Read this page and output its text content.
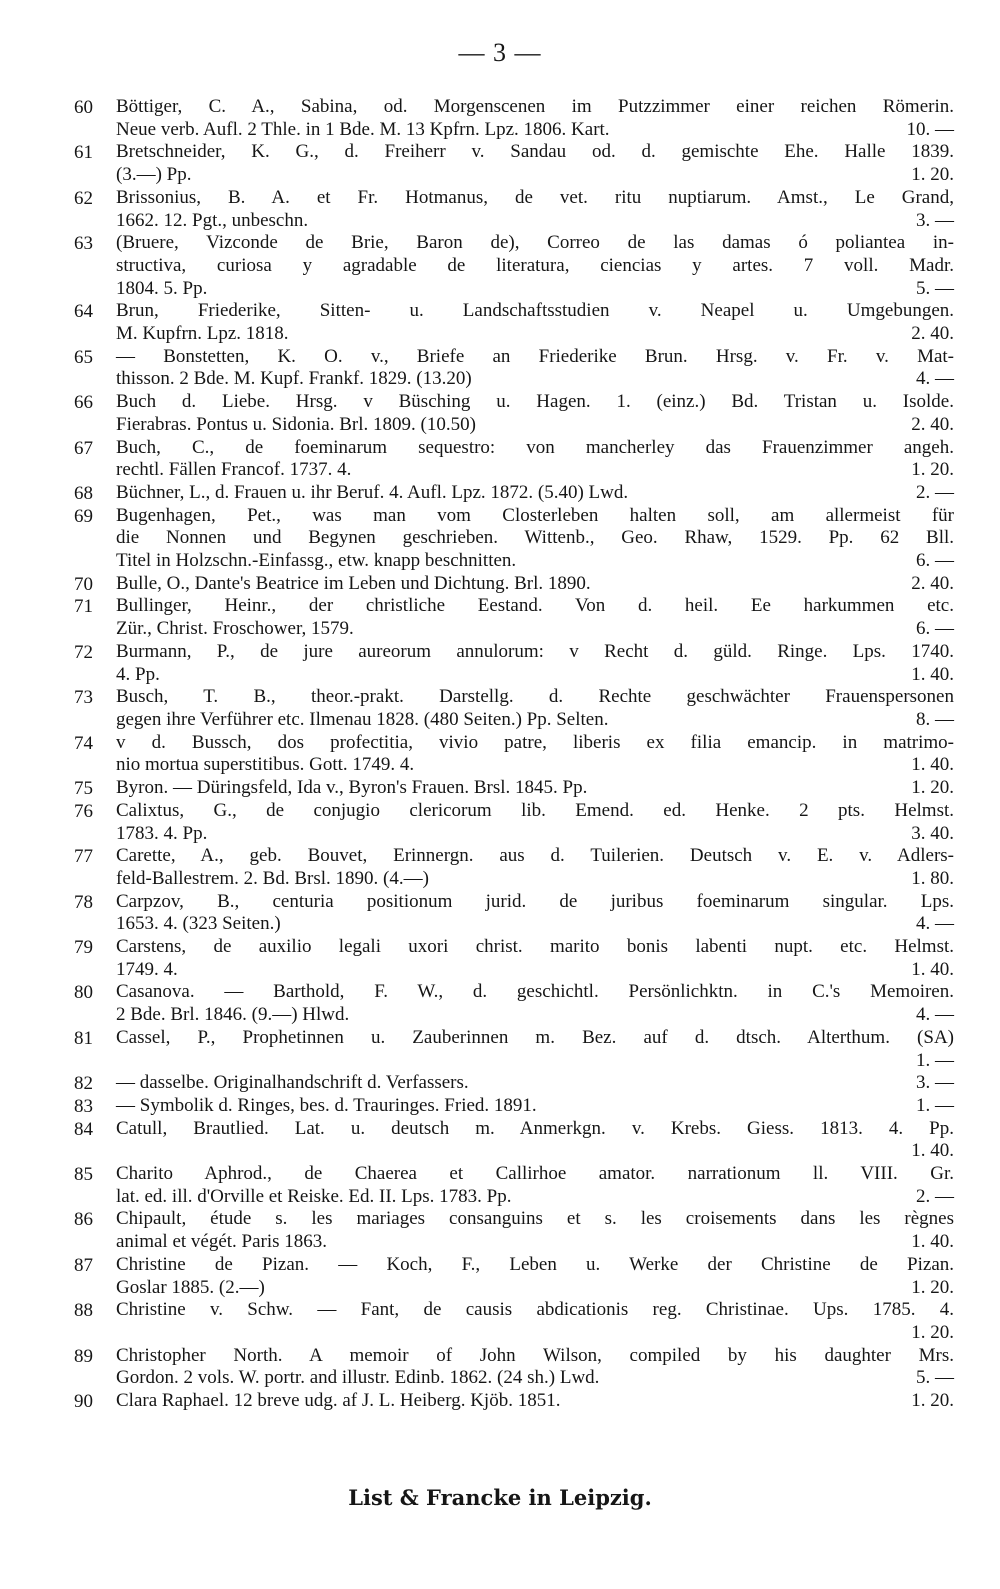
— 3 —
60	Böttiger, C. A., Sabina, od. Morgenscenen im Putzzimmer einer reichen Römerin.
Neue verb. Aufl. 2 Thle. in 1 Bde. M. 13 Kpfrn. Lpz. 1806. Kart.	10. —
61	Bretschneider, K. G., d. Freiherr v. Sandau od. d. gemischte Ehe. Halle 1839.
(3.—) Pp.	1. 20.
62	Brissonius, B. A. et Fr. Hotmanus, de vet. ritu nuptiarum. Amst., Le Grand,
1662. 12. Pgt., unbeschn.	3. —
63	(Bruere, Vizconde de Brie, Baron de), Correo de las damas ó poliantea in-
structiva, curiosa y agradable de literatura, ciencias y artes. 7 voll. Madr.
1804. 5. Pp.	5. —
64	Brun, Friederike, Sitten- u. Landschaftsstudien v. Neapel u. Umgebungen.
M. Kupfrn. Lpz. 1818.	2. 40.
65	— Bonstetten, K. O. v., Briefe an Friederike Brun. Hrsg. v. Fr. v. Mat-
thisson. 2 Bde. M. Kupf. Frankf. 1829. (13.20)	4. —
66	Buch d. Liebe. Hrsg. v Büsching u. Hagen. 1. (einz.) Bd. Tristan u. Isolde.
Fierabras. Pontus u. Sidonia. Brl. 1809. (10.50)	2. 40.
67	Buch, C., de foeminarum sequestro: von mancherley das Frauenzimmer angeh.
rechtl. Fällen Francof. 1737. 4.	1. 20.
68	Büchner, L., d. Frauen u. ihr Beruf. 4. Aufl. Lpz. 1872. (5.40) Lwd.	2. —
69	Bugenhagen, Pet., was man vom Closterleben halten soll, am allermeist für
die Nonnen und Begynen geschrieben. Wittenb., Geo. Rhaw, 1529. Pp. 62 Bll.
Titel in Holzschn.-Einfassg., etw. knapp beschnitten.	6. —
70	Bulle, O., Dante's Beatrice im Leben und Dichtung. Brl. 1890.	2. 40.
71	Bullinger, Heinr., der christliche Eestand. Von d. heil. Ee harkummen etc.
Zür., Christ. Froschower, 1579.	6. —
72	Burmann, P., de jure aureorum annulorum: v Recht d. güld. Ringe. Lps. 1740.
4. Pp.	1. 40.
73	Busch, T. B., theor.-prakt. Darstellg. d. Rechte geschwächter Frauenspersonen
gegen ihre Verführer etc. Ilmenau 1828. (480 Seiten.) Pp. Selten.	8. —
74	v d. Bussch, dos profectitia, vivio patre, liberis ex filia emancip. in matrimo-
nio mortua superstitibus. Gott. 1749. 4.	1. 40.
75	Byron. — Düringsfeld, Ida v., Byron's Frauen. Brsl. 1845. Pp.	1. 20.
76	Calixtus, G., de conjugio clericorum lib. Emend. ed. Henke. 2 pts. Helmst.
1783. 4. Pp.	3. 40.
77	Carette, A., geb. Bouvet, Erinnergn. aus d. Tuilerien. Deutsch v. E. v. Adlers-
feld-Ballestrem. 2. Bd. Brsl. 1890. (4.—)	1. 80.
78	Carpzov, B., centuria positionum jurid. de juribus foeminarum singular. Lps.
1653. 4. (323 Seiten.)	4. —
79	Carstens, de auxilio legali uxori christ. marito bonis labenti nupt. etc. Helmst.
1749. 4.	1. 40.
80	Casanova. — Barthold, F. W., d. geschichtl. Persönlichktn. in C.'s Memoiren.
2 Bde. Brl. 1846. (9.—) Hlwd.	4. —
81	Cassel, P., Prophetinnen u. Zauberinnen m. Bez. auf d. dtsch. Alterthum. (SA)

1. —
82	— dasselbe. Originalhandschrift d. Verfassers.	3. —
83	— Symbolik d. Ringes, bes. d. Trauringes. Fried. 1891.	1. —
84	Catull, Brautlied. Lat. u. deutsch m. Anmerkgn. v. Krebs. Giess. 1813. 4. Pp.

1. 40.
85	Charito Aphrod., de Chaerea et Callirhoe amator. narrationum ll. VIII. Gr.
lat. ed. ill. d'Orville et Reiske. Ed. II. Lps. 1783. Pp.	2. —
86	Chipault, étude s. les mariages consanguins et s. les croisements dans les règnes
animal et végét. Paris 1863.	1. 40.
87	Christine de Pizan. — Koch, F., Leben u. Werke der Christine de Pizan.
Goslar 1885. (2.—)	1. 20.
88	Christine v. Schw. — Fant, de causis abdicationis reg. Christinae. Ups. 1785. 4.

1. 20.
89	Christopher North. A memoir of John Wilson, compiled by his daughter Mrs.
Gordon. 2 vols. W. portr. and illustr. Edinb. 1862. (24 sh.) Lwd.	5. —
90	Clara Raphael. 12 breve udg. af J. L. Heiberg. Kjöb. 1851.	1. 20.
List & Francke in Leipzig.
